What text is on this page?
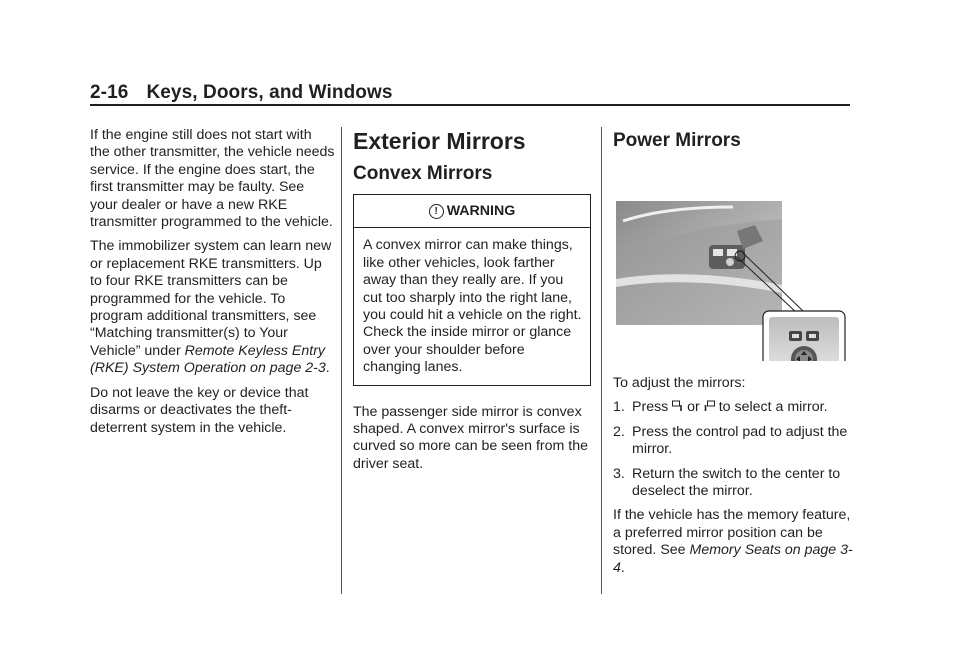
2-16 Keys, Doors, and Windows

If the engine still does not start with the other transmitter, the vehicle needs service. If the engine does start, the first transmitter may be faulty. See your dealer or have a new RKE transmitter programmed to the vehicle.

The immobilizer system can learn new or replacement RKE transmitters. Up to four RKE transmitters can be programmed for the vehicle. To program additional transmitters, see “Matching transmitter(s) to Your Vehicle” under Remote Keyless Entry (RKE) System Operation on page 2-3.

Do not leave the key or device that disarms or deactivates the theft-deterrent system in the vehicle.

Exterior Mirrors
Convex Mirrors
! WARNING
A convex mirror can make things, like other vehicles, look farther away than they really are. If you cut too sharply into the right lane, you could hit a vehicle on the right. Check the inside mirror or glance over your shoulder before changing lanes.

The passenger side mirror is convex shaped. A convex mirror's surface is curved so more can be seen from the driver seat.

Power Mirrors

To adjust the mirrors:

1. Press or to select a mirror.
2. Press the control pad to adjust the mirror.
3. Return the switch to the center to deselect the mirror.

If the vehicle has the memory feature, a preferred mirror position can be stored. See Memory Seats on page 3-4.
